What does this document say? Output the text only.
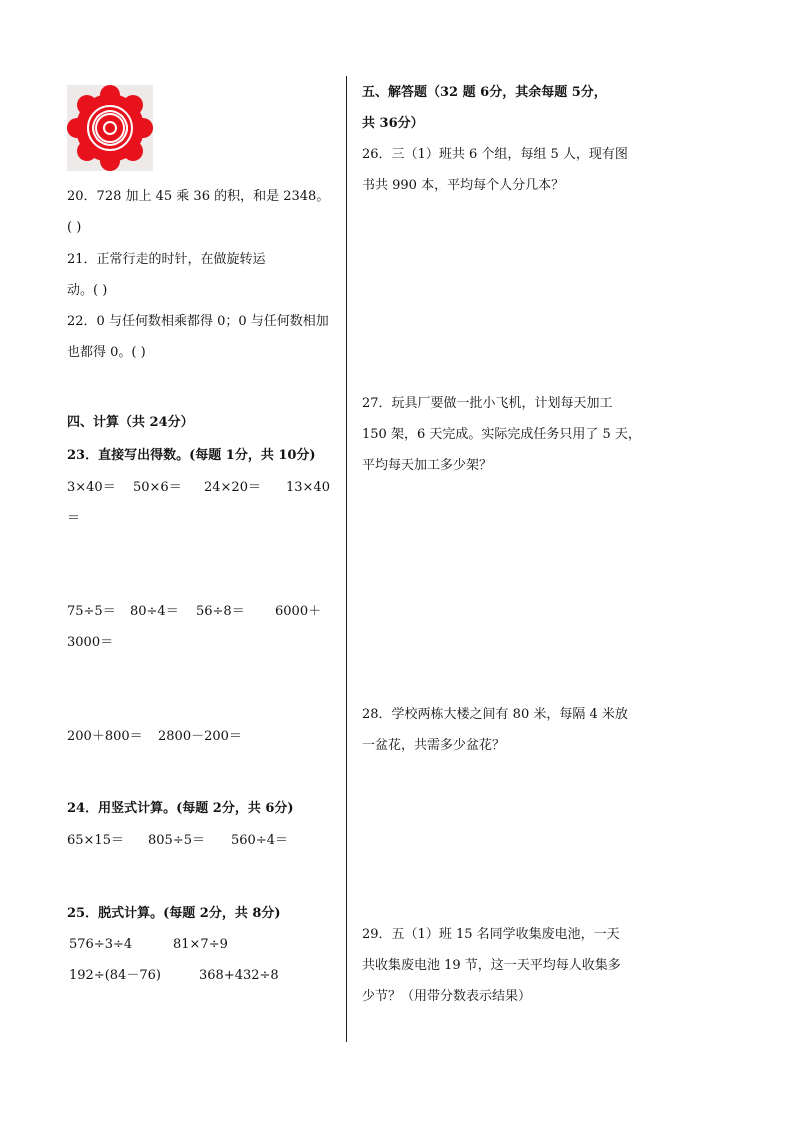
20．728 加上 45 乘 36 的积，和是 2348。
( )
21．正常行走的时针，在做旋转运
动。( )
22．0 与任何数相乘都得 0；0 与任何数相加
也都得 0。( )
四、计算（共 24分）
23．直接写出得数。(每题 1分，共 10分)
3×40＝ 50×6＝ 24×20＝ 13×40
＝
75÷5＝ 80÷4＝ 56÷8＝ 6000＋
3000＝
200＋800＝ 2800－200＝
24．用竖式计算。(每题 2分，共 6分)
65×15＝ 805÷5＝ 560÷4＝
25．脱式计算。(每题 2分，共 8分)
576÷3÷4	81×7÷9
192÷(84－76)	368+432÷8
五、解答题（32 题 6分，其余每题 5分，
共 36分）
26．三（1）班共 6 个组，每组 5 人，现有图
书共 990 本，平均每个人分几本？
27．玩具厂要做一批小飞机，计划每天加工
150 架，6 天完成。实际完成任务只用了 5 天，
平均每天加工多少架？
28．学校两栋大楼之间有 80 米，每隔 4 米放
一盆花，共需多少盆花？
29．五（1）班 15 名同学收集废电池，一天
共收集废电池 19 节，这一天平均每人收集多
少节？（用带分数表示结果）
